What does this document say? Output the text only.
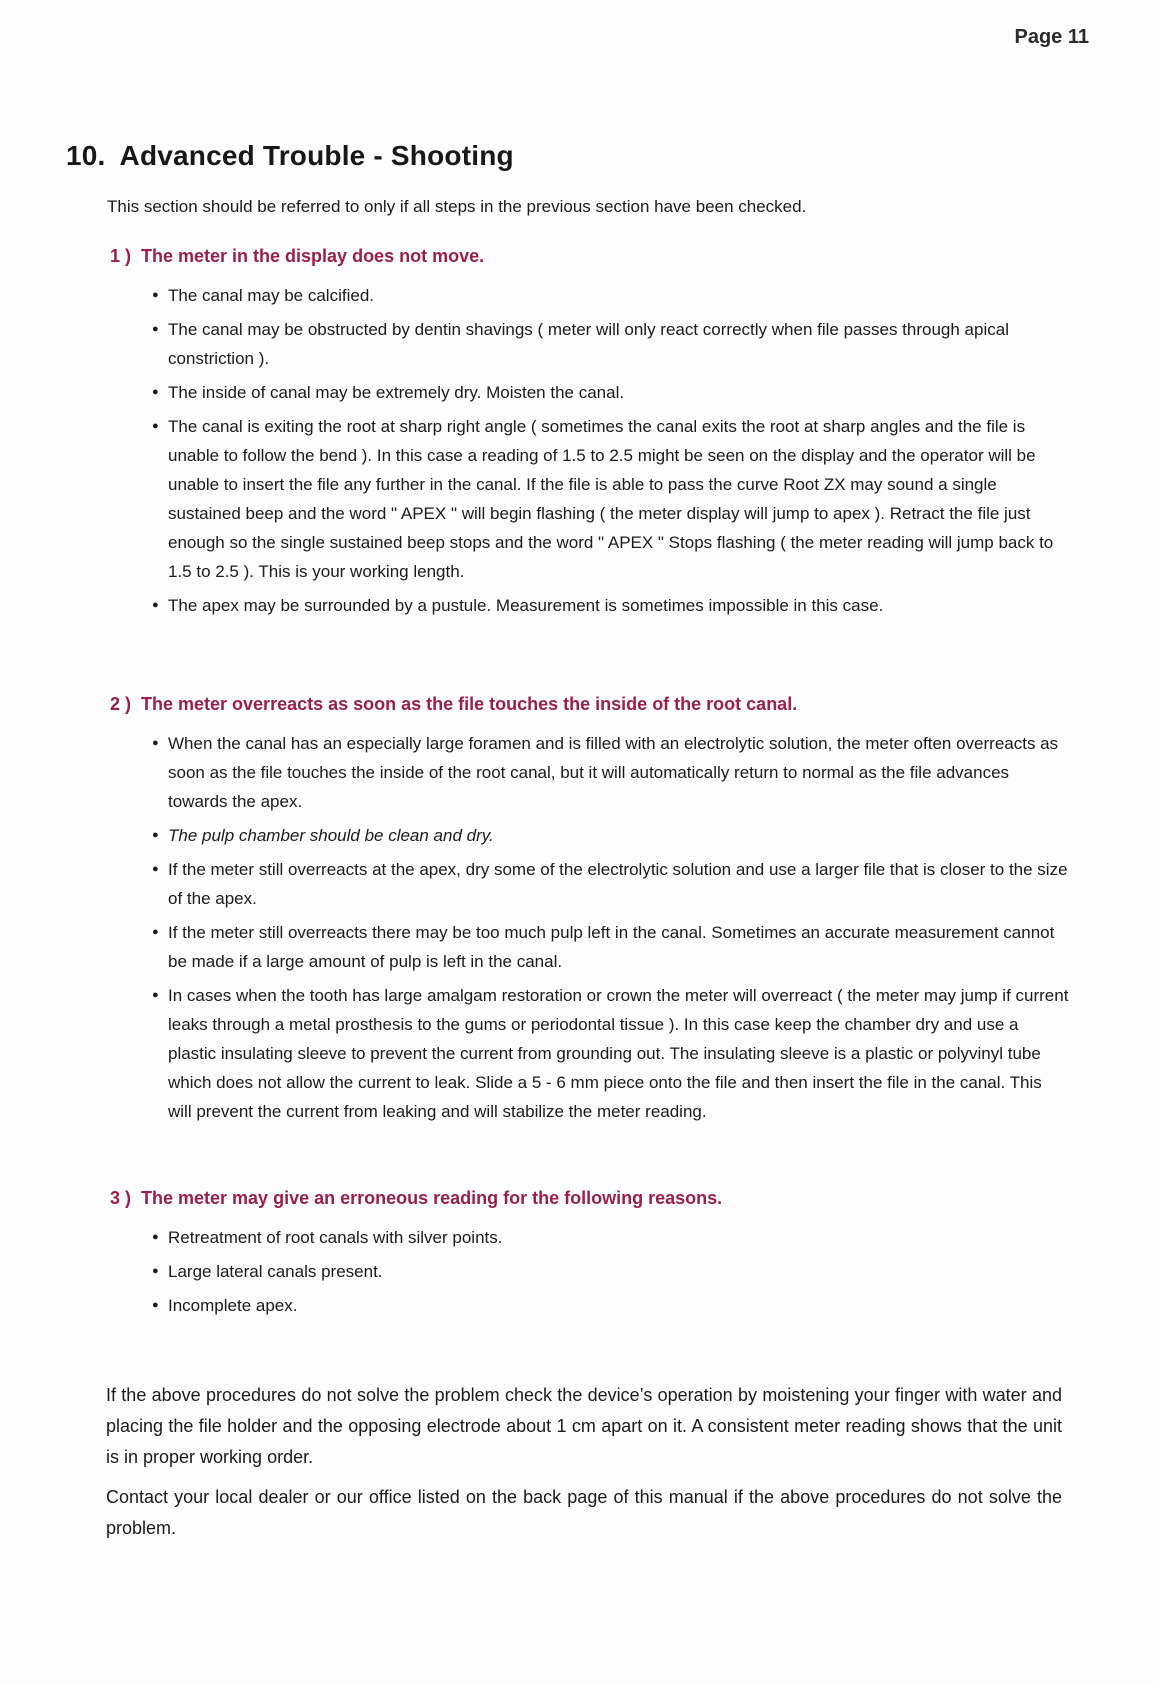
Page 11
10. Advanced Trouble - Shooting
This section should be referred to only if all steps in the previous section have been checked.
1 ) The meter in the display does not move.
● The canal may be calcified.
● The canal may be obstructed by dentin shavings ( meter will only react correctly when file passes through apical constriction ).
● The inside of canal may be extremely dry. Moisten the canal.
● The canal is exiting the root at sharp right angle ( sometimes the canal exits the root at sharp angles and the file is unable to follow the bend ). In this case a reading of 1.5 to 2.5 might be seen on the display and the operator will be unable to insert the file any further in the canal. If the file is able to pass the curve Root ZX may sound a single sustained beep and the word " APEX " will begin flashing ( the meter display will jump to apex ). Retract the file just enough so the single sustained beep stops and the word " APEX " Stops flashing ( the meter reading will jump back to 1.5 to 2.5 ). This is your working length.
● The apex may be surrounded by a pustule. Measurement is sometimes impossible in this case.
2 ) The meter overreacts as soon as the file touches the inside of the root canal.
● When the canal has an especially large foramen and is filled with an electrolytic solution, the meter often overreacts as soon as the file touches the inside of the root canal, but it will automatically return to normal as the file advances towards the apex.
● The pulp chamber should be clean and dry.
● If the meter still overreacts at the apex, dry some of the electrolytic solution and use a larger file that is closer to the size of the apex.
● If the meter still overreacts there may be too much pulp left in the canal. Sometimes an accurate measurement cannot be made if a large amount of pulp is left in the canal.
● In cases when the tooth has large amalgam restoration or crown the meter will overreact ( the meter may jump if current leaks through a metal prosthesis to the gums or periodontal tissue ). In this case keep the chamber dry and use a plastic insulating sleeve to prevent the current from grounding out. The insulating sleeve is a plastic or polyvinyl tube which does not allow the current to leak. Slide a 5 - 6 mm piece onto the file and then insert the file in the canal. This will prevent the current from leaking and will stabilize the meter reading.
3 ) The meter may give an erroneous reading for the following reasons.
● Retreatment of root canals with silver points.
● Large lateral canals present.
● Incomplete apex.
If the above procedures do not solve the problem check the device’s operation by moistening your finger with water and placing the file holder and the opposing electrode about 1 cm apart on it. A consistent meter reading shows that the unit is in proper working order.
Contact your local dealer or our office listed on the back page of this manual if the above procedures do not solve the problem.
